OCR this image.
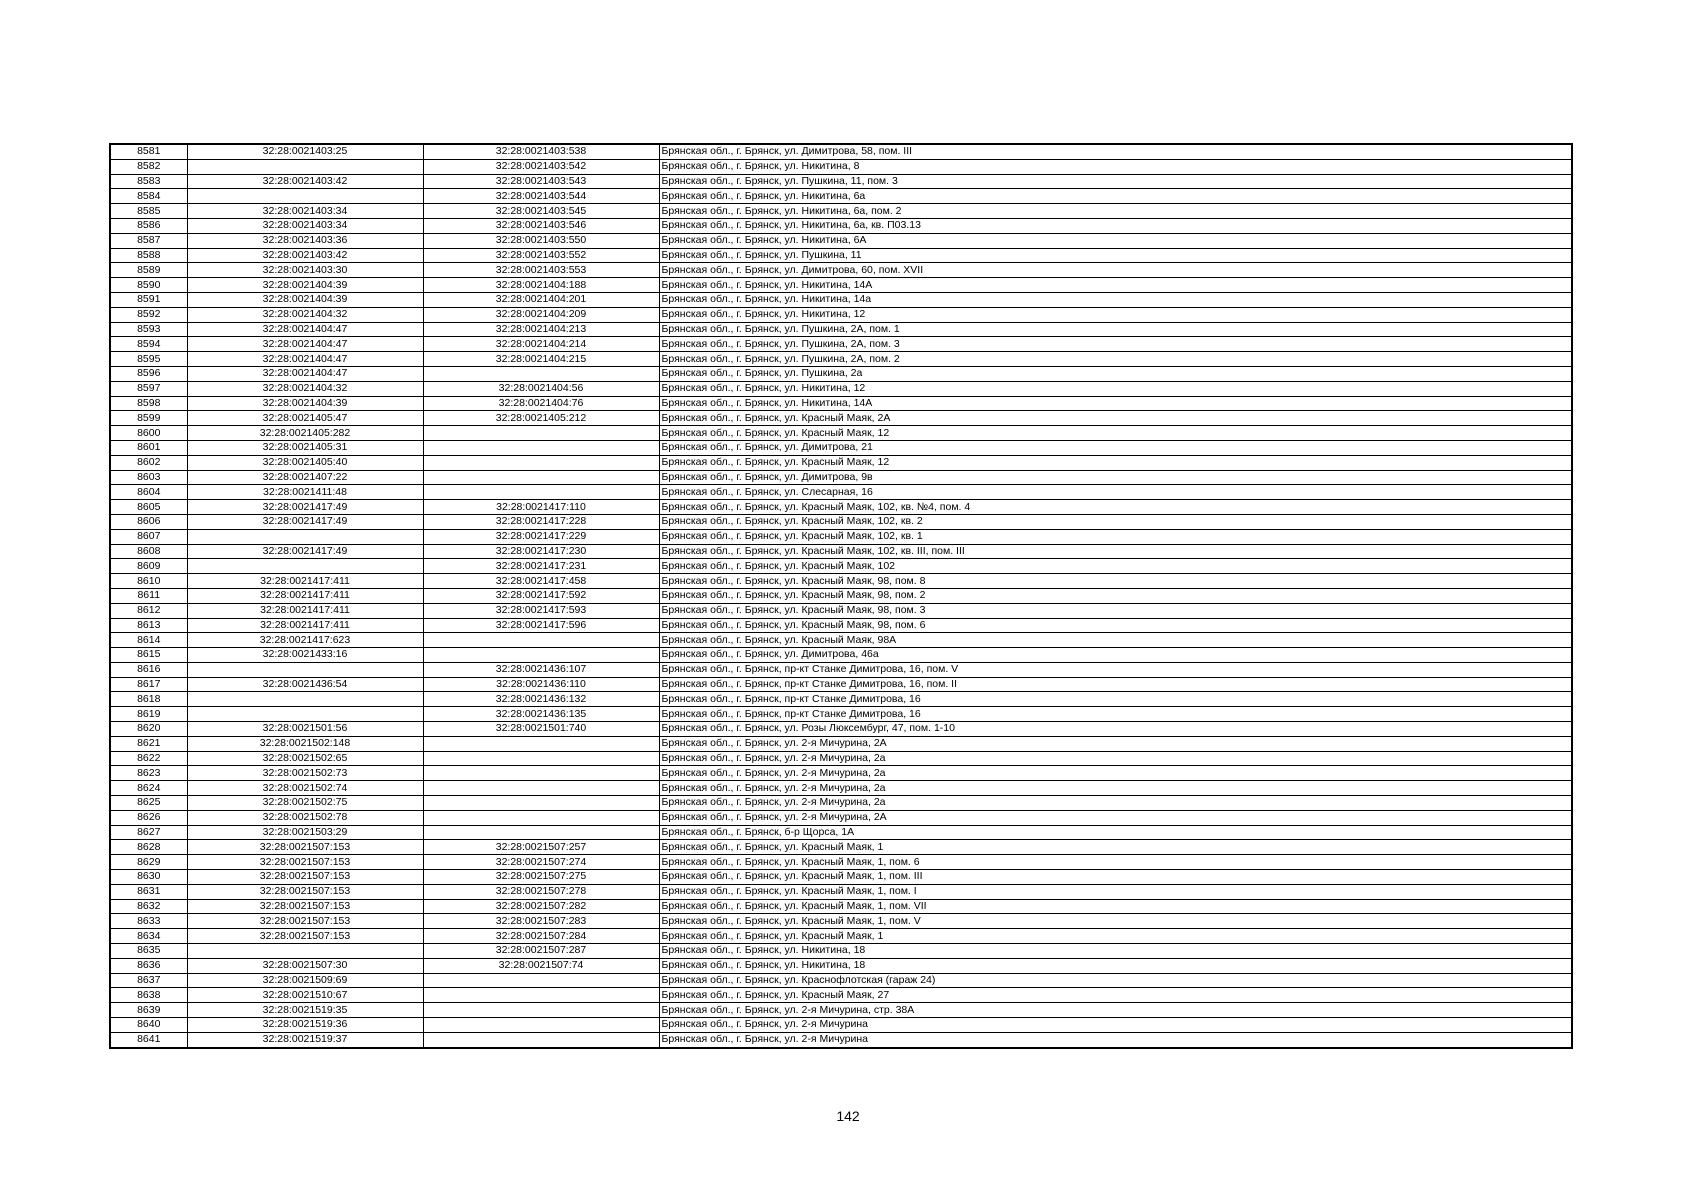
8581	32:28:0021403:25	32:28:0021403:538	Брянская обл., г. Брянск, ул. Димитрова, 58, пом. III
8582		32:28:0021403:542	Брянская обл., г. Брянск, ул. Никитина, 8
8583	32:28:0021403:42	32:28:0021403:543	Брянская обл., г. Брянск, ул. Пушкина, 11, пом. 3
8584		32:28:0021403:544	Брянская обл., г. Брянск, ул. Никитина, 6а
8585	32:28:0021403:34	32:28:0021403:545	Брянская обл., г. Брянск, ул. Никитина, 6а, пом. 2
8586	32:28:0021403:34	32:28:0021403:546	Брянская обл., г. Брянск, ул. Никитина, 6а, кв. П03.13
8587	32:28:0021403:36	32:28:0021403:550	Брянская обл., г. Брянск, ул. Никитина, 6А
8588	32:28:0021403:42	32:28:0021403:552	Брянская обл., г. Брянск, ул. Пушкина, 11
8589	32:28:0021403:30	32:28:0021403:553	Брянская обл., г. Брянск, ул. Димитрова, 60, пом. XVII
8590	32:28:0021404:39	32:28:0021404:188	Брянская обл., г. Брянск, ул. Никитина, 14А
8591	32:28:0021404:39	32:28:0021404:201	Брянская обл., г. Брянск, ул. Никитина, 14а
8592	32:28:0021404:32	32:28:0021404:209	Брянская обл., г. Брянск, ул. Никитина, 12
8593	32:28:0021404:47	32:28:0021404:213	Брянская обл., г. Брянск, ул. Пушкина, 2А, пом. 1
8594	32:28:0021404:47	32:28:0021404:214	Брянская обл., г. Брянск, ул. Пушкина, 2А, пом. 3
8595	32:28:0021404:47	32:28:0021404:215	Брянская обл., г. Брянск, ул. Пушкина, 2А, пом. 2
8596	32:28:0021404:47		Брянская обл., г. Брянск, ул. Пушкина, 2а
8597	32:28:0021404:32	32:28:0021404:56	Брянская обл., г. Брянск, ул. Никитина, 12
8598	32:28:0021404:39	32:28:0021404:76	Брянская обл., г. Брянск, ул. Никитина, 14А
8599	32:28:0021405:47	32:28:0021405:212	Брянская обл., г. Брянск, ул. Красный Маяк, 2А
8600	32:28:0021405:282		Брянская обл., г. Брянск, ул. Красный Маяк, 12
8601	32:28:0021405:31		Брянская обл., г. Брянск, ул. Димитрова, 21
8602	32:28:0021405:40		Брянская обл., г. Брянск, ул. Красный Маяк, 12
8603	32:28:0021407:22		Брянская обл., г. Брянск, ул. Димитрова, 9в
8604	32:28:0021411:48		Брянская обл., г. Брянск, ул. Слесарная, 16
8605	32:28:0021417:49	32:28:0021417:110	Брянская обл., г. Брянск, ул. Красный Маяк, 102, кв. №4, пом. 4
8606	32:28:0021417:49	32:28:0021417:228	Брянская обл., г. Брянск, ул. Красный Маяк, 102, кв. 2
8607		32:28:0021417:229	Брянская обл., г. Брянск, ул. Красный Маяк, 102, кв. 1
8608	32:28:0021417:49	32:28:0021417:230	Брянская обл., г. Брянск, ул. Красный Маяк, 102, кв. III, пом. III
8609		32:28:0021417:231	Брянская обл., г. Брянск, ул. Красный Маяк, 102
8610	32:28:0021417:411	32:28:0021417:458	Брянская обл., г. Брянск, ул. Красный Маяк, 98, пом. 8
8611	32:28:0021417:411	32:28:0021417:592	Брянская обл., г. Брянск, ул. Красный Маяк, 98, пом. 2
8612	32:28:0021417:411	32:28:0021417:593	Брянская обл., г. Брянск, ул. Красный Маяк, 98, пом. 3
8613	32:28:0021417:411	32:28:0021417:596	Брянская обл., г. Брянск, ул. Красный Маяк, 98, пом. 6
8614	32:28:0021417:623		Брянская обл., г. Брянск, ул. Красный Маяк, 98А
8615	32:28:0021433:16		Брянская обл., г. Брянск, ул. Димитрова, 46а
8616		32:28:0021436:107	Брянская обл., г. Брянск, пр-кт Станке Димитрова, 16, пом. V
8617	32:28:0021436:54	32:28:0021436:110	Брянская обл., г. Брянск, пр-кт Станке Димитрова, 16, пом. II
8618		32:28:0021436:132	Брянская обл., г. Брянск, пр-кт Станке Димитрова, 16
8619		32:28:0021436:135	Брянская обл., г. Брянск, пр-кт Станке Димитрова, 16
8620	32:28:0021501:56	32:28:0021501:740	Брянская обл., г. Брянск, ул. Розы Люксембург, 47, пом. 1-10
8621	32:28:0021502:148		Брянская обл., г. Брянск, ул. 2-я Мичурина, 2А
8622	32:28:0021502:65		Брянская обл., г. Брянск, ул. 2-я Мичурина, 2а
8623	32:28:0021502:73		Брянская обл., г. Брянск, ул. 2-я Мичурина, 2а
8624	32:28:0021502:74		Брянская обл., г. Брянск, ул. 2-я Мичурина, 2а
8625	32:28:0021502:75		Брянская обл., г. Брянск, ул. 2-я Мичурина, 2а
8626	32:28:0021502:78		Брянская обл., г. Брянск, ул. 2-я Мичурина, 2А
8627	32:28:0021503:29		Брянская обл., г. Брянск, б-р Щорса, 1А
8628	32:28:0021507:153	32:28:0021507:257	Брянская обл., г. Брянск, ул. Красный Маяк, 1
8629	32:28:0021507:153	32:28:0021507:274	Брянская обл., г. Брянск, ул. Красный Маяк, 1, пом. 6
8630	32:28:0021507:153	32:28:0021507:275	Брянская обл., г. Брянск, ул. Красный Маяк, 1, пом. III
8631	32:28:0021507:153	32:28:0021507:278	Брянская обл., г. Брянск, ул. Красный Маяк, 1, пом. I
8632	32:28:0021507:153	32:28:0021507:282	Брянская обл., г. Брянск, ул. Красный Маяк, 1, пом. VII
8633	32:28:0021507:153	32:28:0021507:283	Брянская обл., г. Брянск, ул. Красный Маяк, 1, пом. V
8634	32:28:0021507:153	32:28:0021507:284	Брянская обл., г. Брянск, ул. Красный Маяк, 1
8635		32:28:0021507:287	Брянская обл., г. Брянск, ул. Никитина, 18
8636	32:28:0021507:30	32:28:0021507:74	Брянская обл., г. Брянск, ул. Никитина, 18
8637	32:28:0021509:69		Брянская обл., г. Брянск, ул. Краснофлотская (гараж 24)
8638	32:28:0021510:67		Брянская обл., г. Брянск, ул. Красный Маяк, 27
8639	32:28:0021519:35		Брянская обл., г. Брянск, ул. 2-я Мичурина, стр. 38А
8640	32:28:0021519:36		Брянская обл., г. Брянск, ул. 2-я Мичурина
8641	32:28:0021519:37		Брянская обл., г. Брянск, ул. 2-я Мичурина
142
